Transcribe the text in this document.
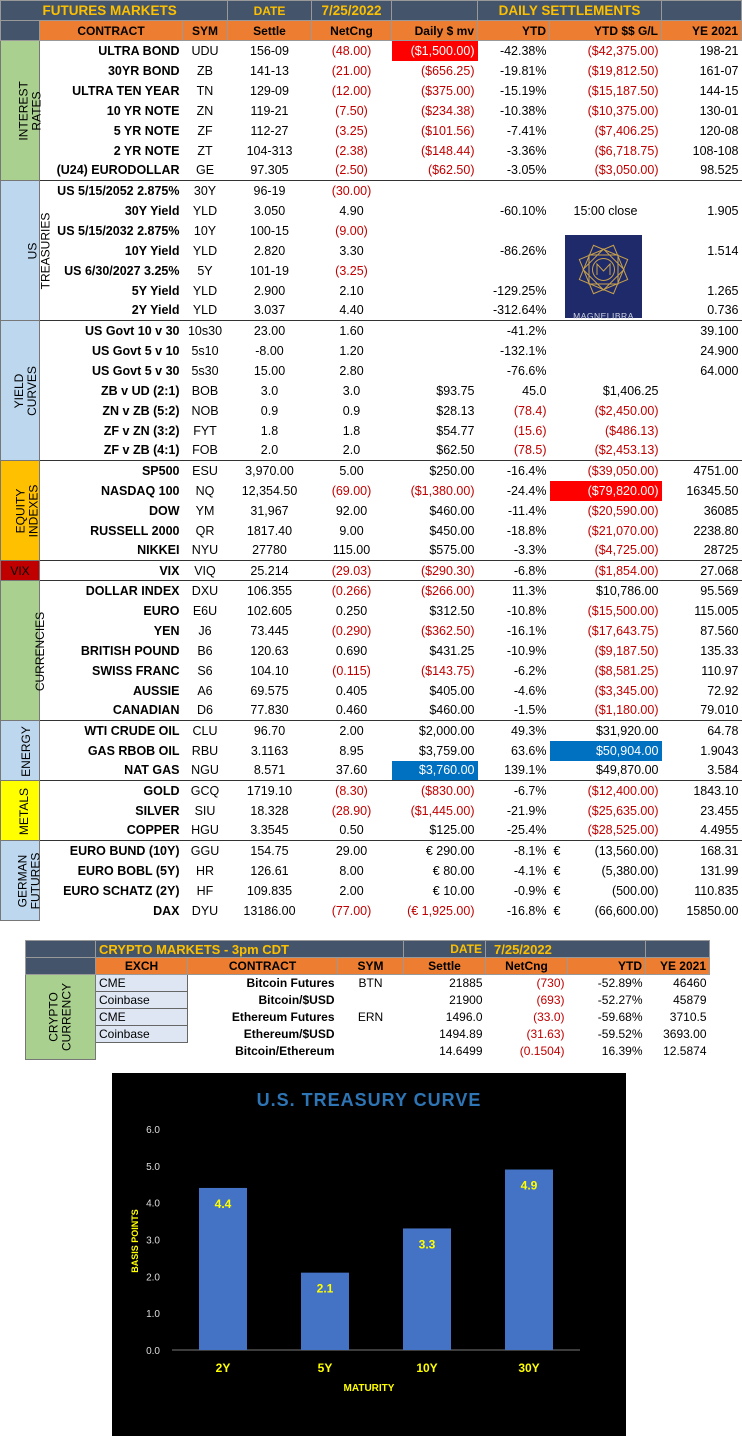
	FUTURES MARKETS		DATE	7/25/2022		DAILY SETTLEMENTS		
	CONTRACT	SYM	Settle	NetCng	Daily $ mv	YTD	YTD $$ G/L	YE 2021
INTEREST RATES	ULTRA BOND	UDU	156-09	(48.00)	($1,500.00)	-42.38%	($42,375.00)	198-21
	30YR BOND	ZB	141-13	(21.00)	($656.25)	-19.81%	($19,812.50)	161-07
	ULTRA TEN YEAR	TN	129-09	(12.00)	($375.00)	-15.19%	($15,187.50)	144-15
	10 YR NOTE	ZN	119-21	(7.50)	($234.38)	-10.38%	($10,375.00)	130-01
	5 YR NOTE	ZF	112-27	(3.25)	($101.56)	-7.41%	($7,406.25)	120-08
	2 YR NOTE	ZT	104-313	(2.38)	($148.44)	-3.36%	($6,718.75)	108-108
	(U24) EURODOLLAR	GE	97.305	(2.50)	($62.50)	-3.05%	($3,050.00)	98.525
US TREASURIES	US 5/15/2052 2.875%	30Y	96-19	(30.00)				
	30Y Yield	YLD	3.050	4.90		-60.10%	15:00 close	1.905
	US 5/15/2032 2.875%	10Y	100-15	(9.00)				
	10Y Yield	YLD	2.820	3.30		-86.26%		1.514
	US 6/30/2027 3.25%	5Y	101-19	(3.25)				
	5Y Yield	YLD	2.900	2.10		-129.25%		1.265
	2Y Yield	YLD	3.037	4.40		-312.64%		0.736
YIELD CURVES	US Govt 10 v 30	10s30	23.00	1.60		-41.2%		39.100
	US Govt 5 v 10	5s10	-8.00	1.20		-132.1%		24.900
	US Govt 5 v 30	5s30	15.00	2.80		-76.6%		64.000
	ZB v UD (2:1)	BOB	3.0	3.0	$93.75	45.0	$1,406.25	
	ZN v ZB (5:2)	NOB	0.9	0.9	$28.13	(78.4)	($2,450.00)	
	ZF v ZN (3:2)	FYT	1.8	1.8	$54.77	(15.6)	($486.13)	
	ZF v ZB (4:1)	FOB	2.0	2.0	$62.50	(78.5)	($2,453.13)	
EQUITY INDEXES	SP500	ESU	3,970.00	5.00	$250.00	-16.4%	($39,050.00)	4751.00
	NASDAQ 100	NQ	12,354.50	(69.00)	($1,380.00)	-24.4%	($79,820.00)	16345.50
	DOW	YM	31,967	92.00	$460.00	-11.4%	($20,590.00)	36085
	RUSSELL 2000	QR	1817.40	9.00	$450.00	-18.8%	($21,070.00)	2238.80
	NIKKEI	NYU	27780	115.00	$575.00	-3.3%	($4,725.00)	28725
VIX	VIX	VIQ	25.214	(29.03)	($290.30)	-6.8%	($1,854.00)	27.068
CURRENCIES	DOLLAR INDEX	DXU	106.355	(0.266)	($266.00)	11.3%	$10,786.00	95.569
	EURO	E6U	102.605	0.250	$312.50	-10.8%	($15,500.00)	115.005
	YEN	J6	73.445	(0.290)	($362.50)	-16.1%	($17,643.75)	87.560
	BRITISH POUND	B6	120.63	0.690	$431.25	-10.9%	($9,187.50)	135.33
	SWISS FRANC	S6	104.10	(0.115)	($143.75)	-6.2%	($8,581.25)	110.97
	AUSSIE	A6	69.575	0.405	$405.00	-4.6%	($3,345.00)	72.92
	CANADIAN	D6	77.830	0.460	$460.00	-1.5%	($1,180.00)	79.010
ENERGY	WTI CRUDE OIL	CLU	96.70	2.00	$2,000.00	49.3%	$31,920.00	64.78
	GAS RBOB OIL	RBU	3.1163	8.95	$3,759.00	63.6%	$50,904.00	1.9043
	NAT GAS	NGU	8.571	37.60	$3,760.00	139.1%	$49,870.00	3.584
METALS	GOLD	GCQ	1719.10	(8.30)	($830.00)	-6.7%	($12,400.00)	1843.10
	SILVER	SIU	18.328	(28.90)	($1,445.00)	-21.9%	($25,635.00)	23.455
	COPPER	HGU	3.3545	0.50	$125.00	-25.4%	($28,525.00)	4.4955
GERMAN FUTURES	EURO BUND (10Y)	GGU	154.75	29.00	€ 290.00	-8.1%	€ (13,560.00)	168.31
	EURO BOBL (5Y)	HR	126.61	8.00	€ 80.00	-4.1%	€ (5,380.00)	131.99
	EURO SCHATZ (2Y)	HF	109.835	2.00	€ 10.00	-0.9%	€ (500.00)	110.835
	DAX	DYU	13186.00	(77.00)	(€ 1,925.00)	-16.8%	€ (66,600.00)	15850.00
MAGNELIBRA
	CRYPTO MARKETS - 3pm CDT			DATE	7/25/2022		
	EXCH	CONTRACT	SYM	Settle	NetCng	YTD	YE 2021
CRYPTO CURRENCY	CME	Bitcoin Futures	BTN	21885	(730)	-52.89%	46460
	Coinbase	Bitcoin/$USD		21900	(693)	-52.27%	45879
	CME	Ethereum Futures	ERN	1496.0	(33.0)	-59.68%	3710.5
	Coinbase	Ethereum/$USD		1494.89	(31.63)	-59.52%	3693.00
		Bitcoin/Ethereum		14.6499	(0.1504)	16.39%	12.5874
U.S. TREASURY CURVE
0.0
1.0
2.0
3.0
4.0
5.0
6.0
4.4
2Y
2.1
5Y
3.3
10Y
4.9
30Y
MATURITY
BASIS POINTS
